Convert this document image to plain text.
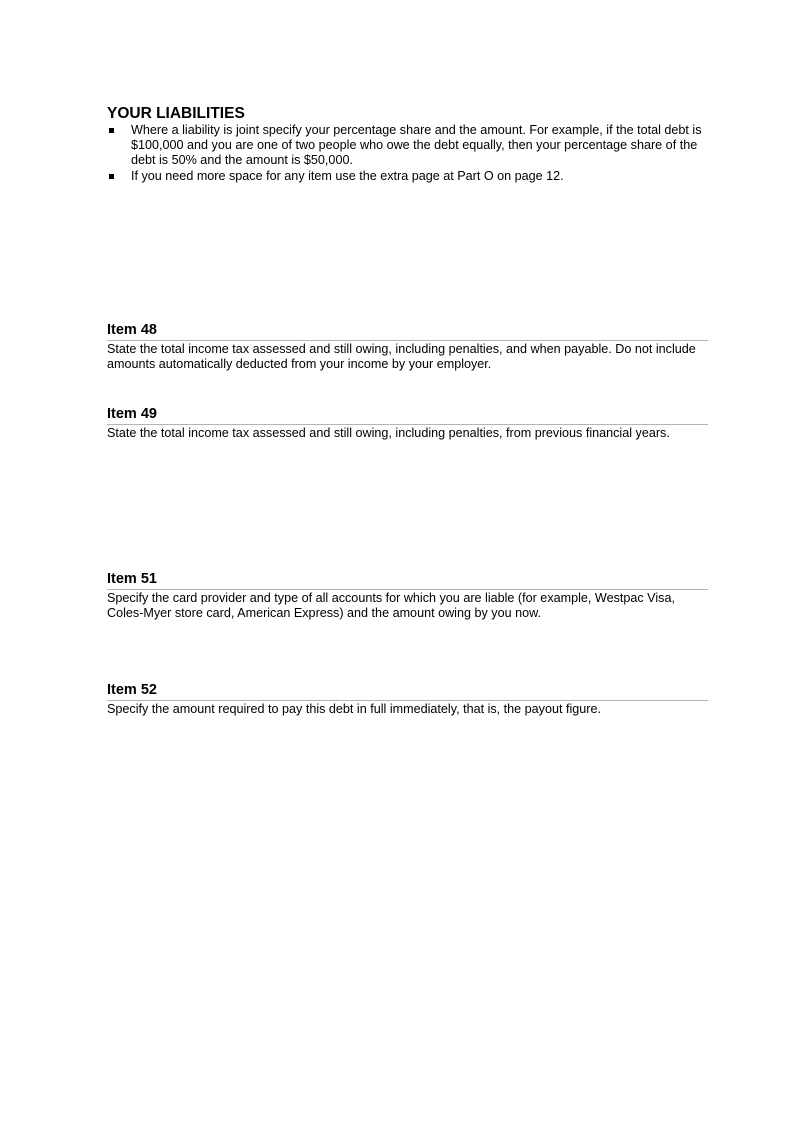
YOUR LIABILITIES
Where a liability is joint specify your percentage share and the amount. For example, if the total debt is $100,000 and you are one of two people who owe the debt equally, then your percentage share of the debt is 50% and the amount is $50,000.
If you need more space for any item use the extra page at Part O on page 12.
Item 48
State the total income tax assessed and still owing, including penalties, and when payable. Do not include amounts automatically deducted from your income by your employer.
Item 49
State the total income tax assessed and still owing, including penalties, from previous financial years.
Item 51
Specify the card provider and type of all accounts for which you are liable (for example, Westpac Visa, Coles-Myer store card, American Express) and the amount owing by you now.
Item 52
Specify the amount required to pay this debt in full immediately, that is, the payout figure.
